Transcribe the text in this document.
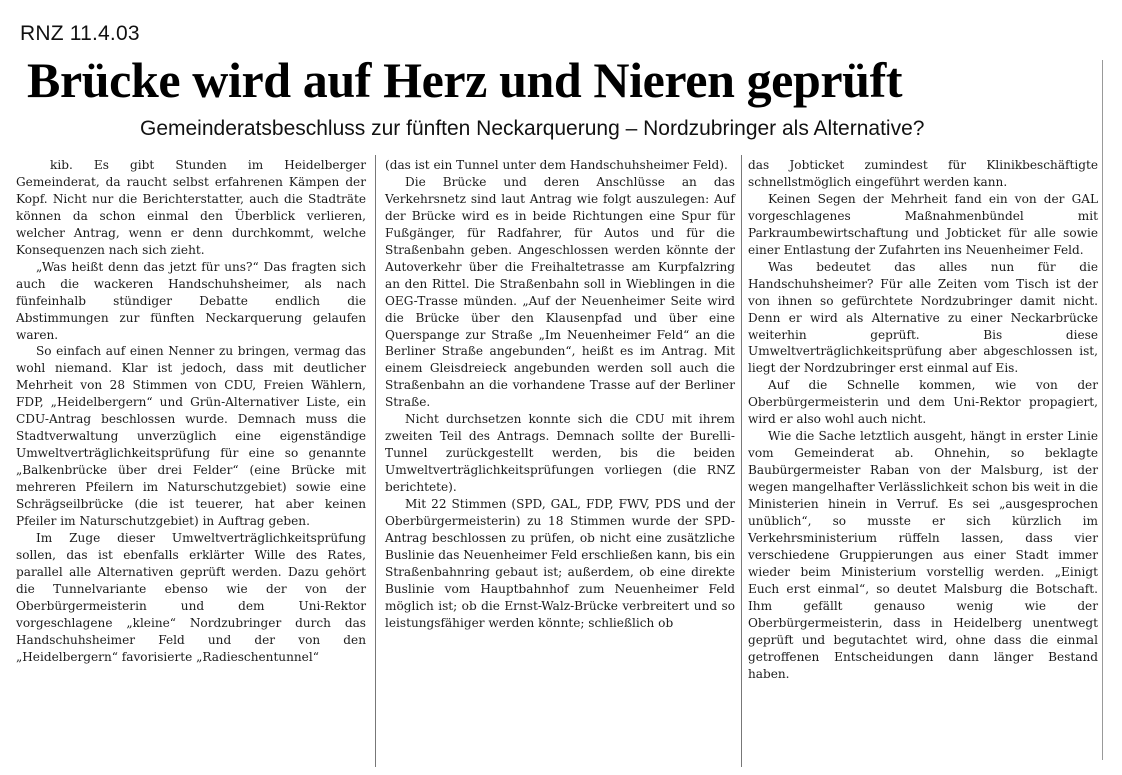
RNZ 11.4.03
Brücke wird auf Herz und Nieren geprüft
Gemeinderatsbeschluss zur fünften Neckarquerung – Nordzubringer als Alternative?

kib. Es gibt Stunden im Heidelberger Gemeinderat, da raucht selbst erfahrenen Kämpen der Kopf. Nicht nur die Berichterstatter, auch die Stadträte können da schon einmal den Überblick verlieren, welcher Antrag, wenn er denn durchkommt, welche Konsequenzen nach sich zieht.

„Was heißt denn das jetzt für uns?“ Das fragten sich auch die wackeren Handschuhsheimer, als nach fünfeinhalb stündiger Debatte endlich die Abstimmungen zur fünften Neckarquerung gelaufen waren.

So einfach auf einen Nenner zu bringen, vermag das wohl niemand. Klar ist jedoch, dass mit deutlicher Mehrheit von 28 Stimmen von CDU, Freien Wählern, FDP, „Heidelbergern“ und Grün-Alternativer Liste, ein CDU-Antrag beschlossen wurde. Demnach muss die Stadtverwaltung unverzüglich eine eigenständige Umweltverträglichkeitsprüfung für eine so genannte „Balkenbrücke über drei Felder“ (eine Brücke mit mehreren Pfeilern im Naturschutzgebiet) sowie eine Schrägseilbrücke (die ist teuerer, hat aber keinen Pfeiler im Naturschutzgebiet) in Auftrag geben.

Im Zuge dieser Umweltverträglichkeitsprüfung sollen, das ist ebenfalls erklärter Wille des Rates, parallel alle Alternativen geprüft werden. Dazu gehört die Tunnelvariante ebenso wie der von der Oberbürgermeisterin und dem Uni-Rektor vorgeschlagene „kleine“ Nordzubringer durch das Handschuhsheimer Feld und der von den „Heidelbergern“ favorisierte „Radieschentunnel“

(das ist ein Tunnel unter dem Handschuhsheimer Feld).

Die Brücke und deren Anschlüsse an das Verkehrsnetz sind laut Antrag wie folgt auszulegen: Auf der Brücke wird es in beide Richtungen eine Spur für Fußgänger, für Radfahrer, für Autos und für die Straßenbahn geben. Angeschlossen werden könnte der Autoverkehr über die Freihaltetrasse am Kurpfalzring an den Rittel. Die Straßenbahn soll in Wieblingen in die OEG-Trasse münden. „Auf der Neuenheimer Seite wird die Brücke über den Klausenpfad und über eine Querspange zur Straße „Im Neuenheimer Feld“ an die Berliner Straße angebunden“, heißt es im Antrag. Mit einem Gleisdreieck angebunden werden soll auch die Straßenbahn an die vorhandene Trasse auf der Berliner Straße.

Nicht durchsetzen konnte sich die CDU mit ihrem zweiten Teil des Antrags. Demnach sollte der Burelli-Tunnel zurückgestellt werden, bis die beiden Umweltverträglichkeitsprüfungen vorliegen (die RNZ berichtete).

Mit 22 Stimmen (SPD, GAL, FDP, FWV, PDS und der Oberbürgermeisterin) zu 18 Stimmen wurde der SPD-Antrag beschlossen zu prüfen, ob nicht eine zusätzliche Buslinie das Neuenheimer Feld erschließen kann, bis ein Straßenbahnring gebaut ist; außerdem, ob eine direkte Buslinie vom Hauptbahnhof zum Neuenheimer Feld möglich ist; ob die Ernst-Walz-Brücke verbreitert und so leistungsfähiger werden könnte; schließlich ob

das Jobticket zumindest für Klinikbeschäftigte schnellstmöglich eingeführt werden kann.

Keinen Segen der Mehrheit fand ein von der GAL vorgeschlagenes Maßnahmenbündel mit Parkraumbewirtschaftung und Jobticket für alle sowie einer Entlastung der Zufahrten ins Neuenheimer Feld.

Was bedeutet das alles nun für die Handschuhsheimer? Für alle Zeiten vom Tisch ist der von ihnen so gefürchtete Nordzubringer damit nicht. Denn er wird als Alternative zu einer Neckarbrücke weiterhin geprüft. Bis diese Umweltverträglichkeitsprüfung aber abgeschlossen ist, liegt der Nordzubringer erst einmal auf Eis.

Auf die Schnelle kommen, wie von der Oberbürgermeisterin und dem Uni-Rektor propagiert, wird er also wohl auch nicht.

Wie die Sache letztlich ausgeht, hängt in erster Linie vom Gemeinderat ab. Ohnehin, so beklagte Baubürgermeister Raban von der Malsburg, ist der wegen mangelhafter Verlässlichkeit schon bis weit in die Ministerien hinein in Verruf. Es sei „ausgesprochen unüblich“, so musste er sich kürzlich im Verkehrsministerium rüffeln lassen, dass vier verschiedene Gruppierungen aus einer Stadt immer wieder beim Ministerium vorstellig werden. „Einigt Euch erst einmal“, so deutet Malsburg die Botschaft. Ihm gefällt genauso wenig wie der Oberbürgermeisterin, dass in Heidelberg unentwegt geprüft und begutachtet wird, ohne dass die einmal getroffenen Entscheidungen dann länger Bestand haben.
